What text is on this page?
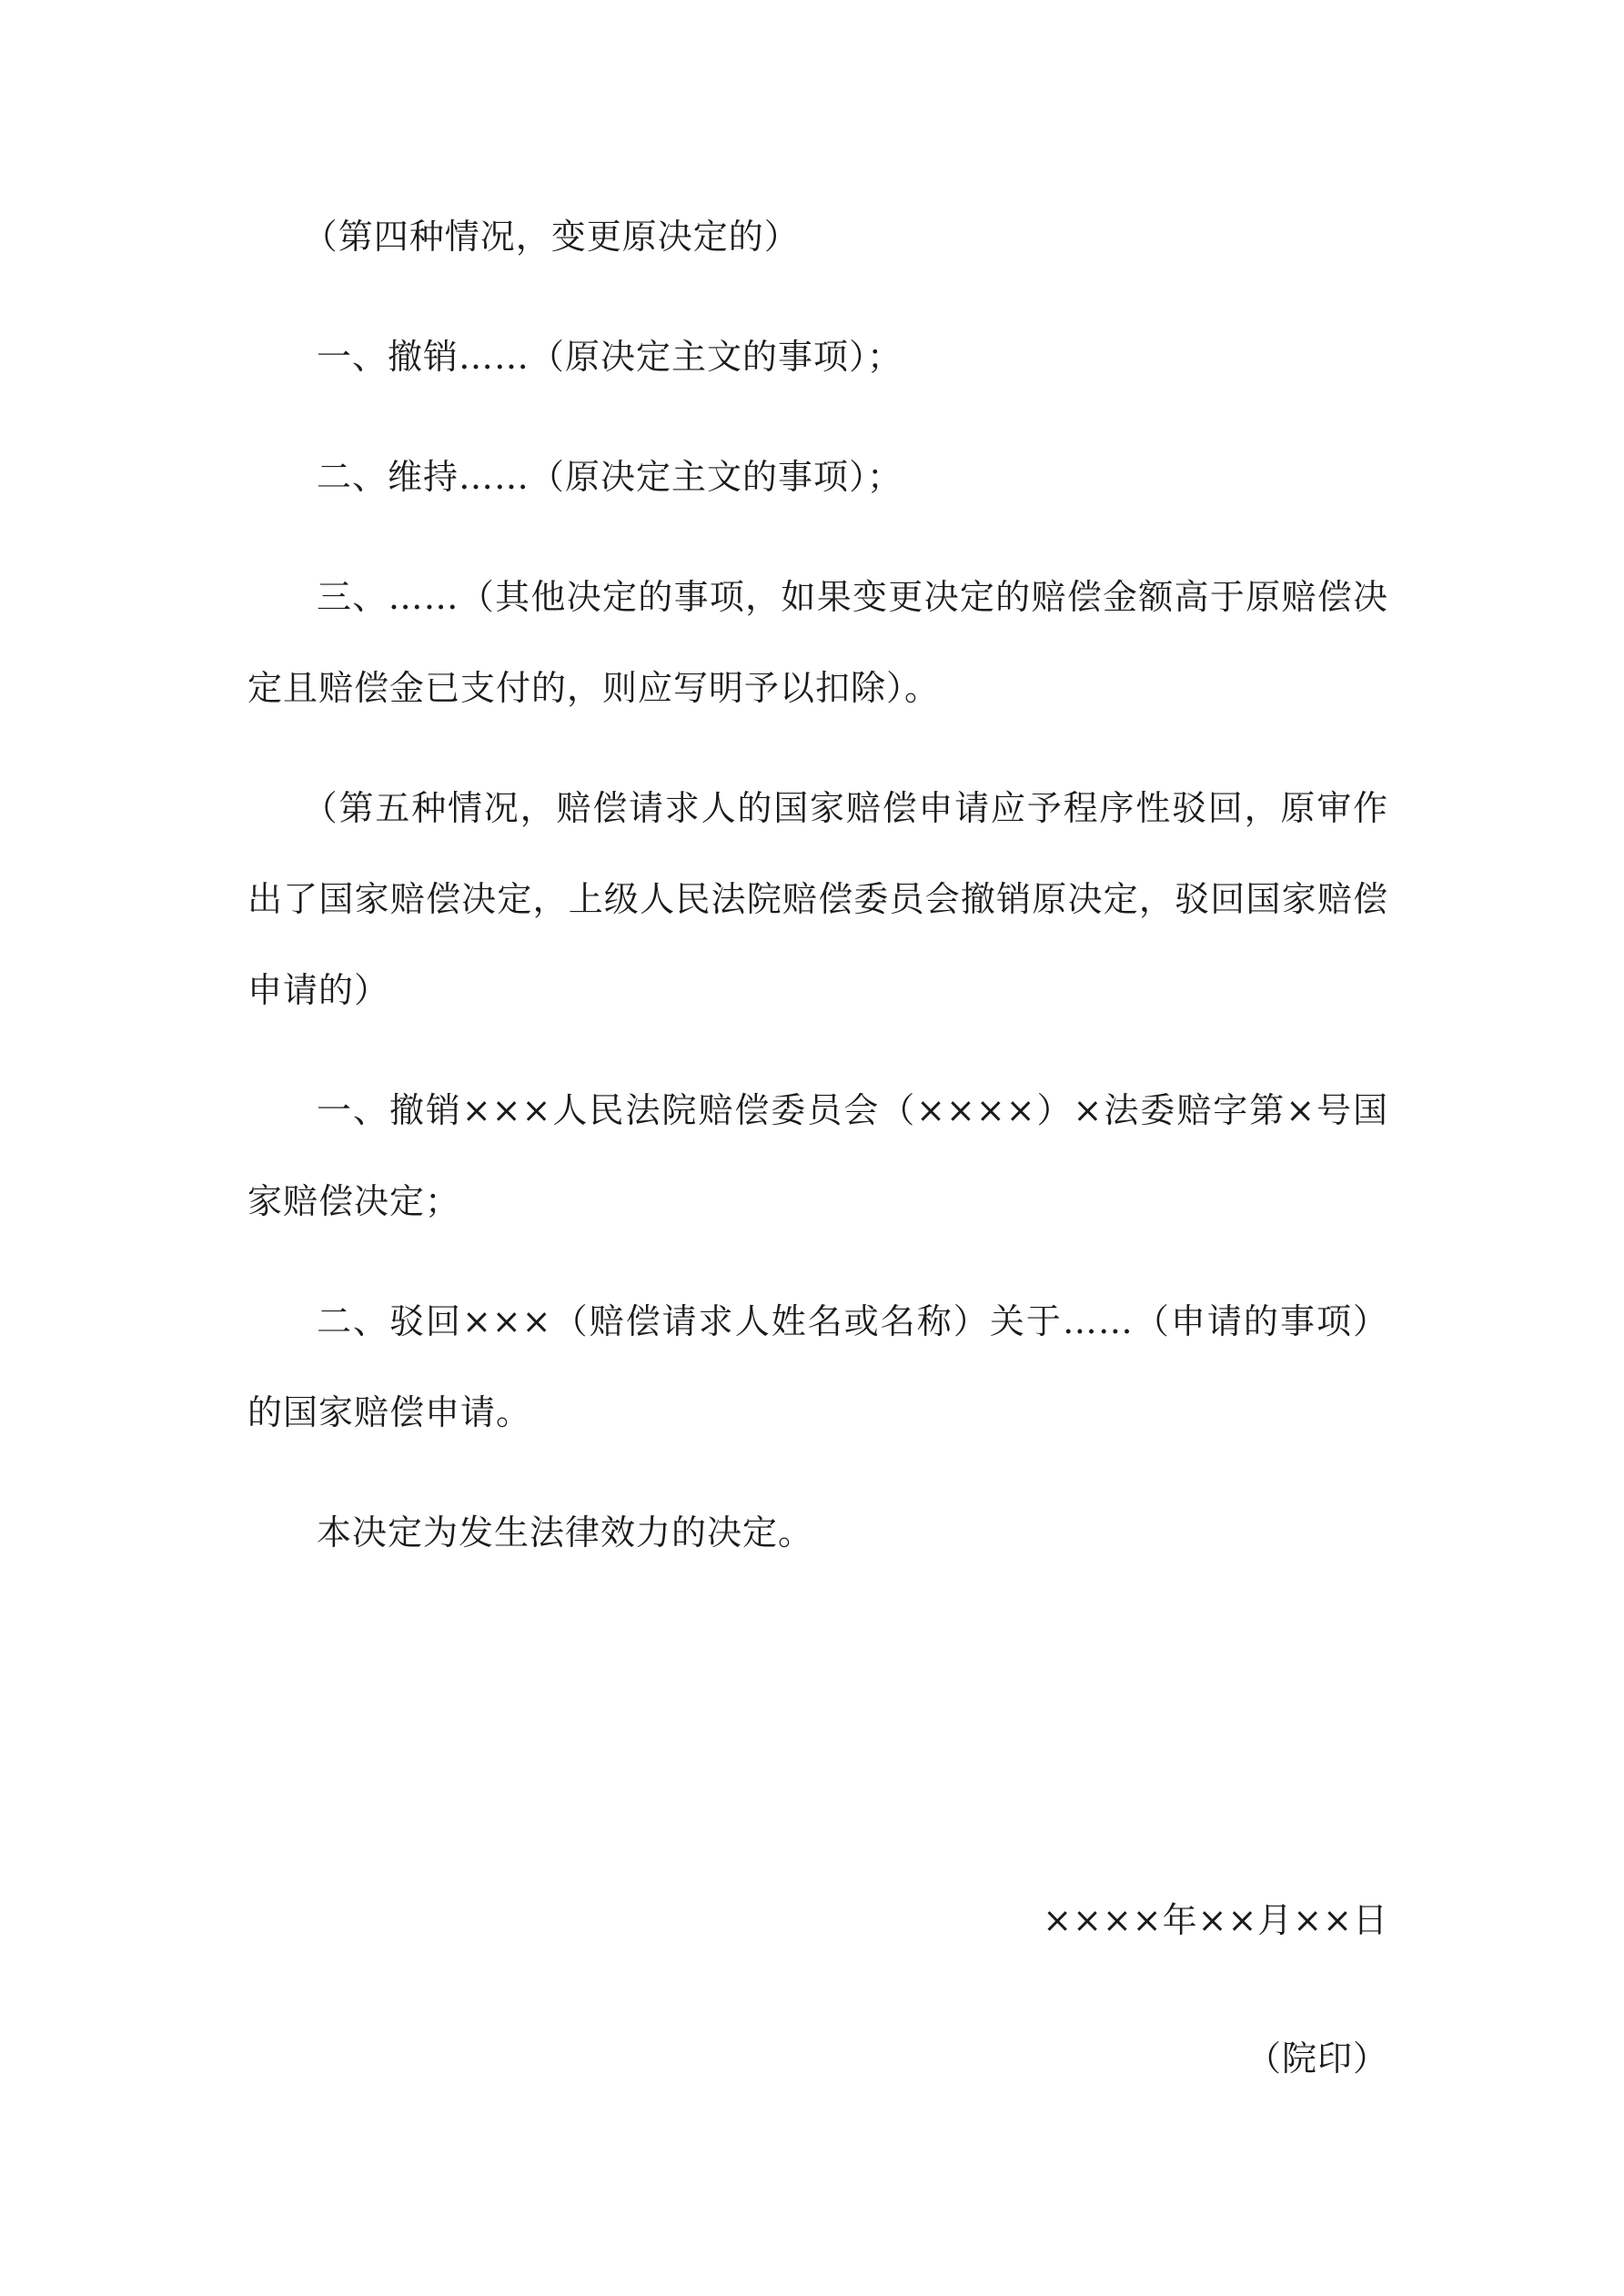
（第四种情况，变更原决定的）

一、撤销……（原决定主文的事项）；

二、维持……（原决定主文的事项）；

三、……（其他决定的事项，如果变更决定的赔偿金额高于原赔偿决定且赔偿金已支付的，则应写明予以扣除）。

（第五种情况，赔偿请求人的国家赔偿申请应予程序性驳回，原审作出了国家赔偿决定，上级人民法院赔偿委员会撤销原决定，驳回国家赔偿申请的）

一、撤销×××人民法院赔偿委员会（××××）×法委赔字第×号国家赔偿决定；

二、驳回×××（赔偿请求人姓名或名称）关于……（申请的事项）的国家赔偿申请。

本决定为发生法律效力的决定。

××××年××月××日

（院印）
